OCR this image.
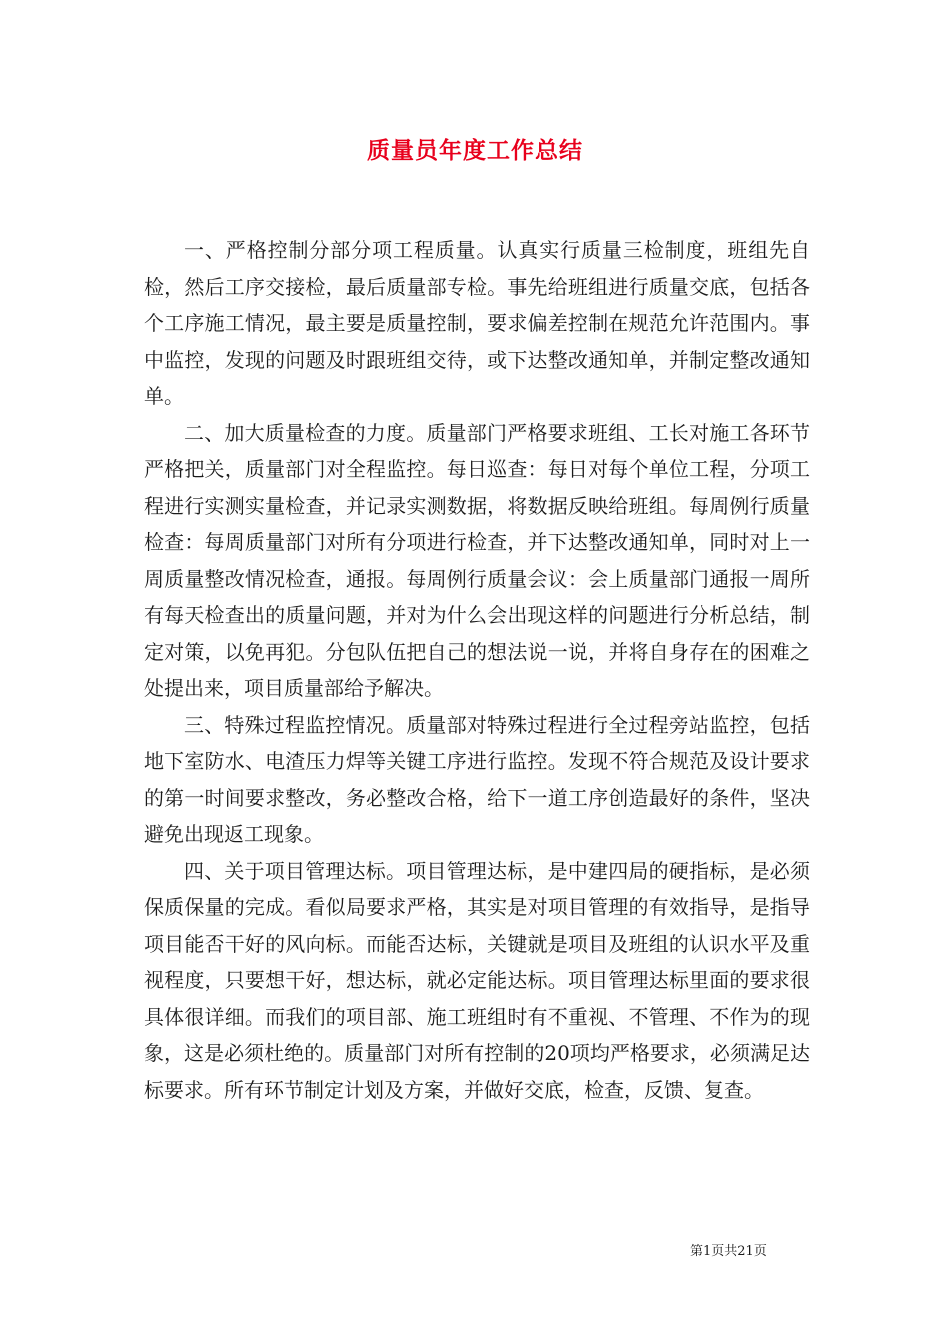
质量员年度工作总结

一、严格控制分部分项工程质量。认真实行质量三检制度，班组先自检，然后工序交接检，最后质量部专检。事先给班组进行质量交底，包括各个工序施工情况，最主要是质量控制，要求偏差控制在规范允许范围内。事中监控，发现的问题及时跟班组交待，或下达整改通知单，并制定整改通知单。

二、加大质量检查的力度。质量部门严格要求班组、工长对施工各环节严格把关，质量部门对全程监控。每日巡查：每日对每个单位工程，分项工程进行实测实量检查，并记录实测数据，将数据反映给班组。每周例行质量检查：每周质量部门对所有分项进行检查，并下达整改通知单，同时对上一周质量整改情况检查，通报。每周例行质量会议：会上质量部门通报一周所有每天检查出的质量问题，并对为什么会出现这样的问题进行分析总结，制定对策，以免再犯。分包队伍把自己的想法说一说，并将自身存在的困难之处提出来，项目质量部给予解决。

三、特殊过程监控情况。质量部对特殊过程进行全过程旁站监控，包括地下室防水、电渣压力焊等关键工序进行监控。发现不符合规范及设计要求的第一时间要求整改，务必整改合格，给下一道工序创造最好的条件，坚决避免出现返工现象。

四、关于项目管理达标。项目管理达标，是中建四局的硬指标，是必须保质保量的完成。看似局要求严格，其实是对项目管理的有效指导，是指导项目能否干好的风向标。而能否达标，关键就是项目及班组的认识水平及重视程度，只要想干好，想达标，就必定能达标。项目管理达标里面的要求很具体很详细。而我们的项目部、施工班组时有不重视、不管理、不作为的现象，这是必须杜绝的。质量部门对所有控制的20项均严格要求，必须满足达标要求。所有环节制定计划及方案，并做好交底，检查，反馈、复查。

第1页共21页
